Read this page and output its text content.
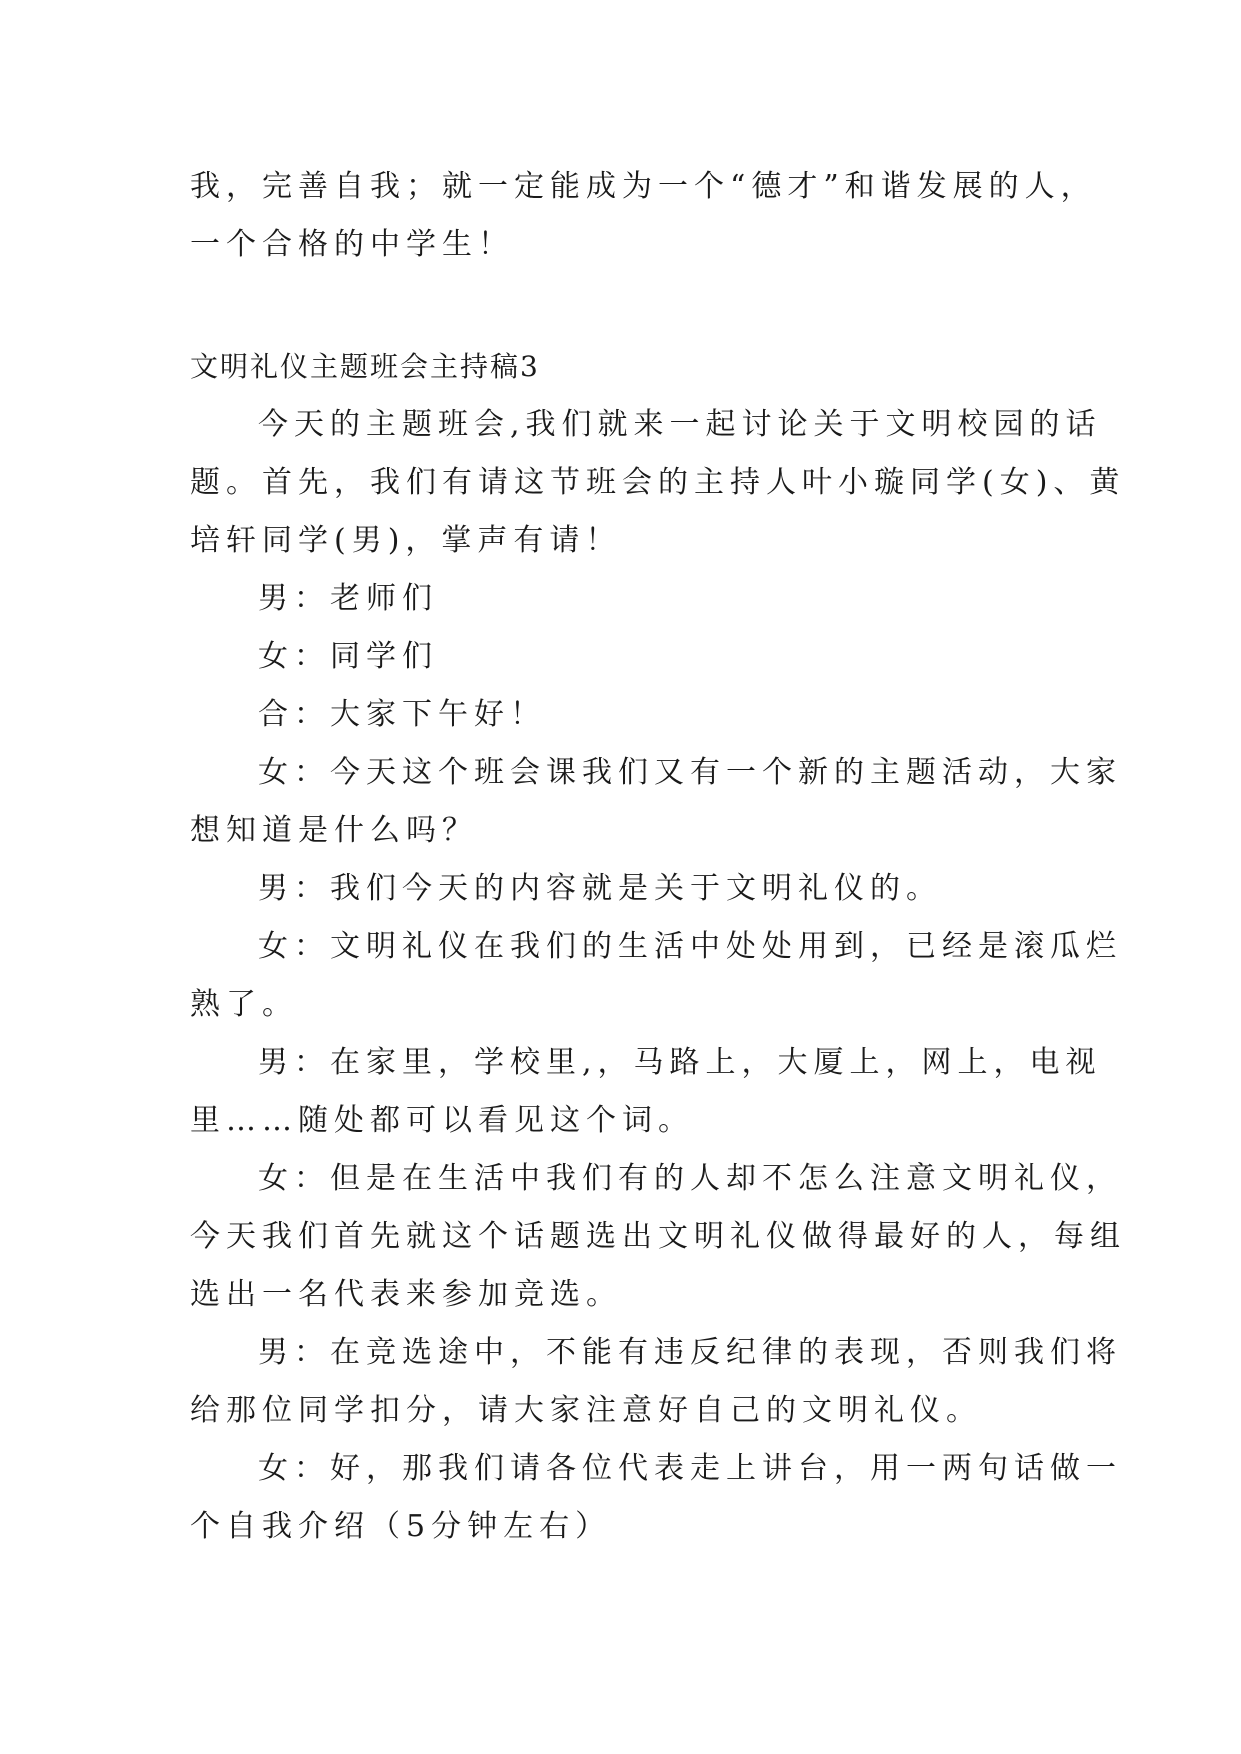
我，完善自我；就一定能成为一个“德才”和谐发展的人，

一个合格的中学生！

文明礼仪主题班会主持稿3

今天的主题班会,我们就来一起讨论关于文明校园的话

题。首先，我们有请这节班会的主持人叶小璇同学(女)、黄

培轩同学(男)，掌声有请！

男：老师们

女：同学们

合：大家下午好！

女：今天这个班会课我们又有一个新的主题活动，大家

想知道是什么吗？

男：我们今天的内容就是关于文明礼仪的。

女：文明礼仪在我们的生活中处处用到，已经是滚瓜烂

熟了。

男：在家里，学校里,，马路上，大厦上，网上，电视

里……随处都可以看见这个词。

女：但是在生活中我们有的人却不怎么注意文明礼仪，

今天我们首先就这个话题选出文明礼仪做得最好的人，每组

选出一名代表来参加竞选。

男：在竞选途中，不能有违反纪律的表现，否则我们将

给那位同学扣分，请大家注意好自己的文明礼仪。

女：好，那我们请各位代表走上讲台，用一两句话做一

个自我介绍（5分钟左右）
